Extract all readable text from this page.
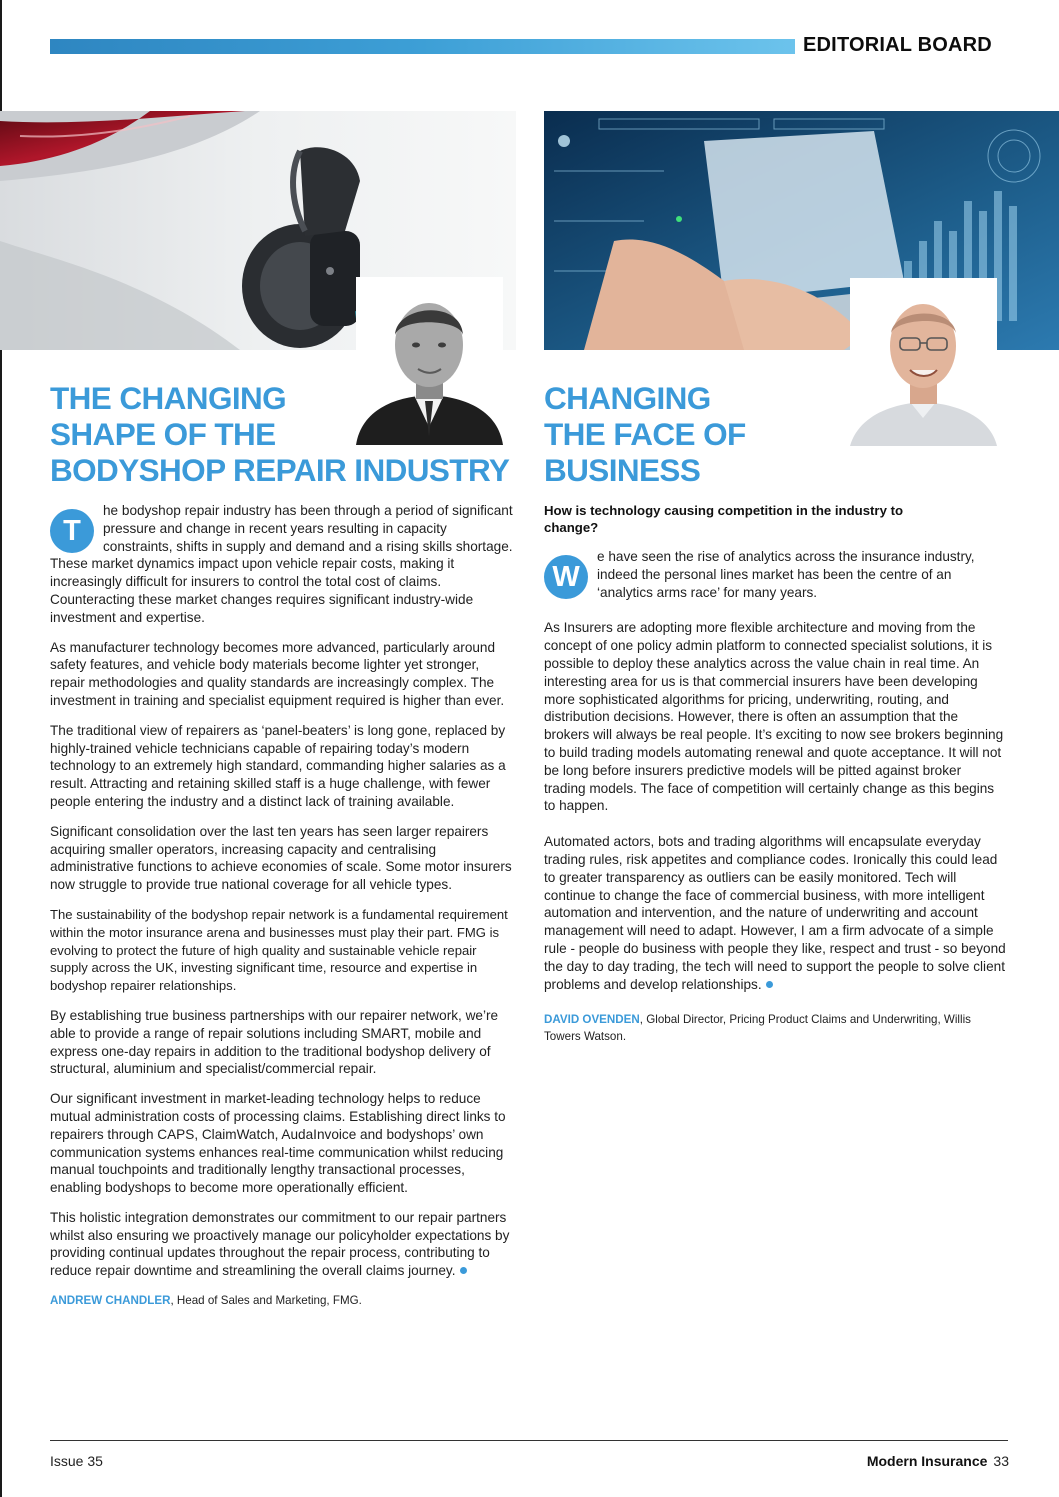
EDITORIAL BOARD
THE CHANGING
SHAPE OF THE
BODYSHOP REPAIR INDUSTRY
CHANGING
THE FACE OF
BUSINESS

T
he bodyshop repair industry has been through a period of significant pressure and change in recent years resulting in capacity constraints, shifts in supply and demand and a rising skills shortage. These market dynamics impact upon vehicle repair costs, making it increasingly difficult for insurers to control the total cost of claims. Counteracting these market changes requires significant industry-wide investment and expertise.

As manufacturer technology becomes more advanced, particularly around safety features, and vehicle body materials become lighter yet stronger, repair methodologies and quality standards are increasingly complex. The investment in training and specialist equipment required is higher than ever.

The traditional view of repairers as ‘panel-beaters’ is long gone, replaced by highly-trained vehicle technicians capable of repairing today’s modern technology to an extremely high standard, commanding higher salaries as a result. Attracting and retaining skilled staff is a huge challenge, with fewer people entering the industry and a distinct lack of training available.

Significant consolidation over the last ten years has seen larger repairers acquiring smaller operators, increasing capacity and centralising administrative functions to achieve economies of scale. Some motor insurers now struggle to provide true national coverage for all vehicle types.

The sustainability of the bodyshop repair network is a fundamental requirement within the motor insurance arena and businesses must play their part. FMG is evolving to protect the future of high quality and sustainable vehicle repair supply across the UK, investing significant time, resource and expertise in bodyshop repairer relationships.

By establishing true business partnerships with our repairer network, we’re able to provide a range of repair solutions including SMART, mobile and express one-day repairs in addition to the traditional bodyshop delivery of structural, aluminium and specialist/commercial repair.

Our significant investment in market-leading technology helps to reduce mutual administration costs of processing claims. Establishing direct links to repairers through CAPS, ClaimWatch, AudaInvoice and bodyshops’ own communication systems enhances real-time communication whilst reducing manual touchpoints and traditionally lengthy transactional processes, enabling bodyshops to become more operationally efficient.

This holistic integration demonstrates our commitment to our repair partners whilst also ensuring we proactively manage our policyholder expectations by providing continual updates throughout the repair process, contributing to reduce repair downtime and streamlining the overall claims journey.

ANDREW CHANDLER, Head of Sales and Marketing, FMG.

How is technology causing competition in the industry to change?

W
e have seen the rise of analytics across the insurance industry, indeed the personal lines market has been the centre of an ‘analytics arms race’ for many years.

As Insurers are adopting more flexible architecture and moving from the concept of one policy admin platform to connected specialist solutions, it is possible to deploy these analytics across the value chain in real time. An interesting area for us is that commercial insurers have been developing more sophisticated algorithms for pricing, underwriting, routing, and distribution decisions. However, there is often an assumption that the brokers will always be real people. It’s exciting to now see brokers beginning to build trading models automating renewal and quote acceptance. It will not be long before insurers predictive models will be pitted against broker trading models. The face of competition will certainly change as this begins to happen.

Automated actors, bots and trading algorithms will encapsulate everyday trading rules, risk appetites and compliance codes. Ironically this could lead to greater transparency as outliers can be easily monitored. Tech will continue to change the face of commercial business, with more intelligent automation and intervention, and the nature of underwriting and account management will need to adapt. However, I am a firm advocate of a simple rule - people do business with people they like, respect and trust - so beyond the day to day trading, the tech will need to support the people to solve client problems and develop relationships.

DAVID OVENDEN, Global Director, Pricing Product Claims and Underwriting, Willis Towers Watson.

Issue 35	Modern Insurance 33
